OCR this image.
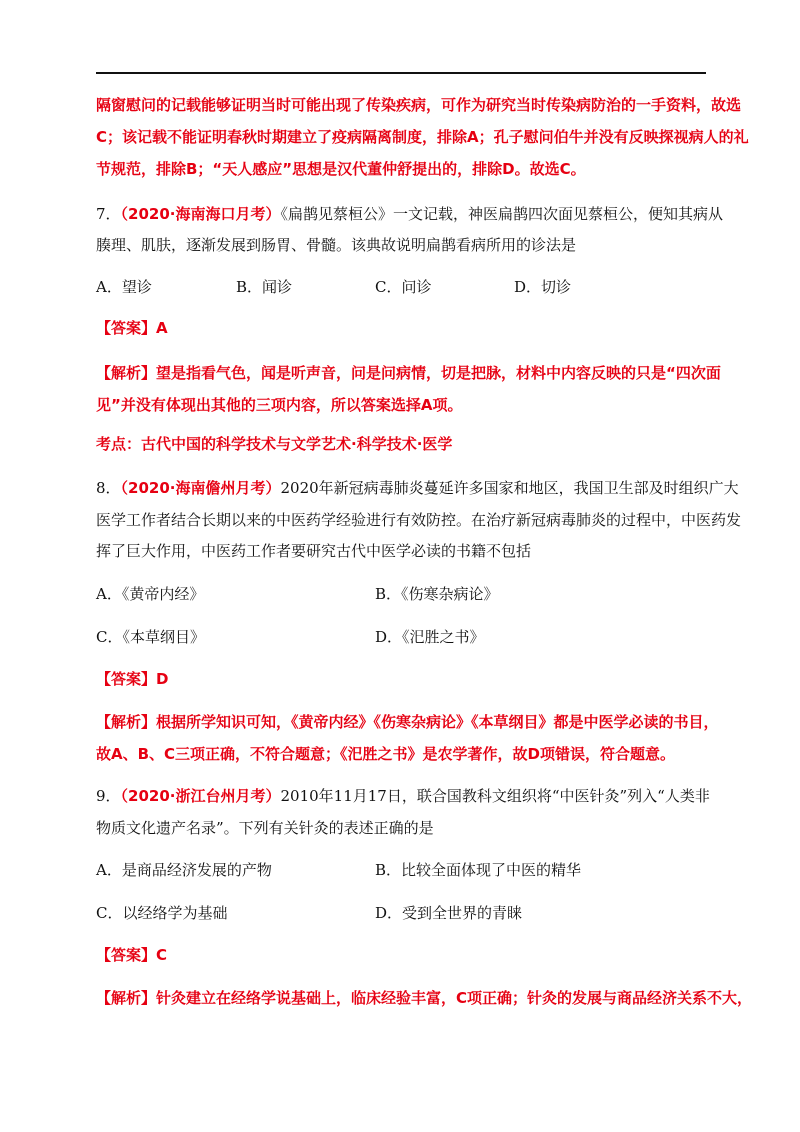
隔窗慰问的记载能够证明当时可能出现了传染疾病，可作为研究当时传染病防治的一手资料，故选
C；该记载不能证明春秋时期建立了疫病隔离制度，排除A；孔子慰问伯牛并没有反映探视病人的礼
节规范，排除B；“天人感应”思想是汉代董仲舒提出的，排除D。故选C。
7．（2020·海南海口月考）《扁鹊见蔡桓公》一文记载，神医扁鹊四次面见蔡桓公，便知其病从
腠理、肌肤，逐渐发展到肠胃、骨髓。该典故说明扁鹊看病所用的诊法是
A．望诊	B．闻诊	C．问诊	D．切诊
【答案】A
【解析】望是指看气色，闻是听声音，问是问病情，切是把脉，材料中内容反映的只是“四次面
见”并没有体现出其他的三项内容，所以答案选择A项。
考点：古代中国的科学技术与文学艺术·科学技术·医学
8．（2020·海南儋州月考）2020年新冠病毒肺炎蔓延许多国家和地区，我国卫生部及时组织广大
医学工作者结合长期以来的中医药学经验进行有效防控。在治疗新冠病毒肺炎的过程中，中医药发
挥了巨大作用，中医药工作者要研究古代中医学必读的书籍不包括
A．《黄帝内经》	B．《伤寒杂病论》
C．《本草纲目》	D．《汜胜之书》
【答案】D
【解析】根据所学知识可知，《黄帝内经》《伤寒杂病论》《本草纲目》都是中医学必读的书目，
故A、B、C三项正确，不符合题意；《汜胜之书》是农学著作，故D项错误，符合题意。
9．（2020·浙江台州月考）2010年11月17日，联合国教科文组织将“中医针灸”列入“人类非
物质文化遗产名录”。下列有关针灸的表述正确的是
A．是商品经济发展的产物	B．比较全面体现了中医的精华
C．以经络学为基础	D．受到全世界的青睐
【答案】C
【解析】针灸建立在经络学说基础上，临床经验丰富，C项正确；针灸的发展与商品经济关系不大，
